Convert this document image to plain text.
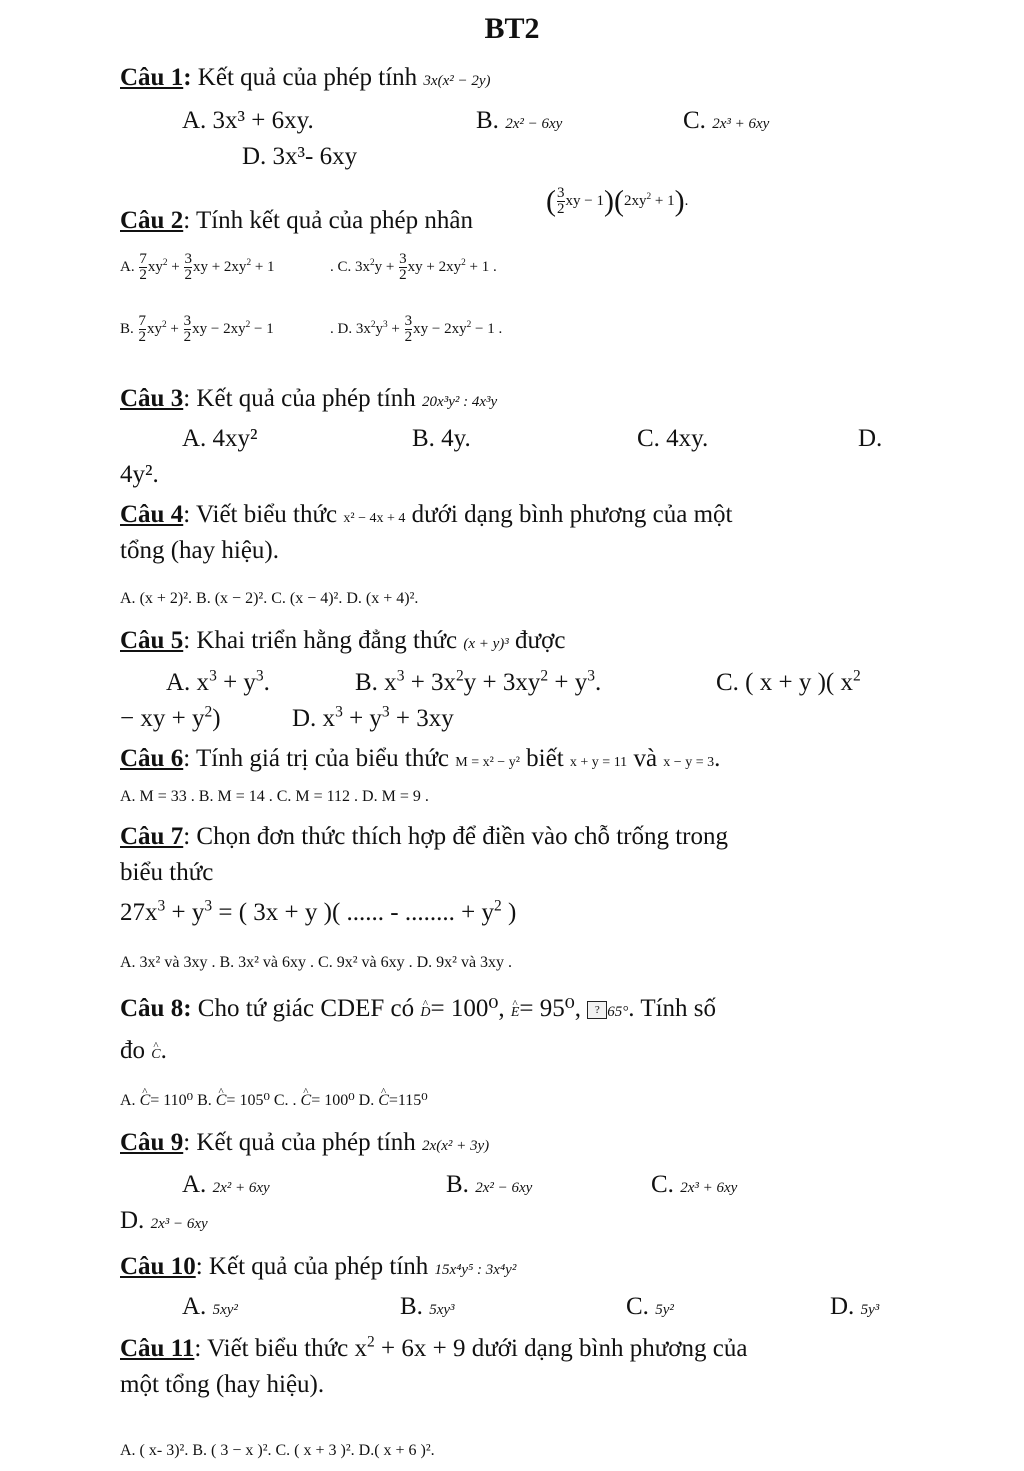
BT2
Câu 1: Kết quả của phép tính 3x(x² − 2y)
A. 3x³ + 6xy.	B. 2x² − 6xy	C. 2x³ + 6xy
D. 3x³- 6xy
Câu 2: Tính kết quả của phép nhân
( $\frac{3}{2}$ xy − $1)(2xy^2 + 1)$.
A. $\frac{7}{2} xy^2 + \frac{3}{2}$ xy + $2xy^2 + 1$	. C. $3x^2y + \frac{3}{2}$ xy + $2xy^2 + 1$ .
B. $\frac{7}{2} xy^2 + \frac{3}{2}$ xy − $2xy^2 - 1$	. D. $3x^2y^3 + \frac{3}{2}$ xy − $2xy^2 - 1$ .
Câu 3: Kết quả của phép tính 20x³y² : 4x³y
A. 4xy²	B. 4y.	C. 4xy.	D.
4y².
Câu 4: Viết biểu thức x² − 4x + 4 dưới dạng bình phương của một
tổng (hay hiệu).
A. (x + 2)². B. (x − 2)². C. (x − 4)². D. (x + 4)².
Câu 5: Khai triển hằng đẳng thức (x + y)³ được
A. $x^3 + y^3$.	B. $x^3 + 3x^2y + 3xy^2 + y^3$.	C. ( x + y )( $x^2$
− xy + $y^2$)	D. $x^3 + y^3 + 3xy$
Câu 6: Tính giá trị của biểu thức M = x² − y² biết x + y = 11 và x − y = 3.
A. M = 33 . B. M = 14 . C. M = 112 . D. M = 9 .
Câu 7: Chọn đơn thức thích hợp để điền vào chỗ trống trong
biểu thức
$27x^3 + y^3$ = ( 3x + y )( ...... - ........ + $y^2$ )
A. 3x² và 3xy . B. 3x² và 6xy . C. 9x² và 6xy . D. 9x² và 3xy .
Câu 8: Cho tứ giác CDEF có ^ D= 100⁰, ^ E= 95⁰, ? 65°. Tính số
đo ^ C.
A. ^ C= 110⁰ B. ^ C= 105⁰ C. . ^ C= 100⁰ D. ^ C=115⁰
Câu 9: Kết quả của phép tính 2x(x² + 3y)
A. 2x² + 6xy	B. 2x² − 6xy	C. 2x³ + 6xy
D. 2x³ − 6xy
Câu 10: Kết quả của phép tính 15x⁴y⁵ : 3x⁴y²
A. 5xy²	B. 5xy³	C. 5y²	D. 5y³
Câu 11: Viết biểu thức $x^2 + 6x + 9$ dưới dạng bình phương của
một tổng (hay hiệu).
A. ( x- 3)². B. ( 3 − x )². C. ( x + 3 )². D.( x + 6 )².
